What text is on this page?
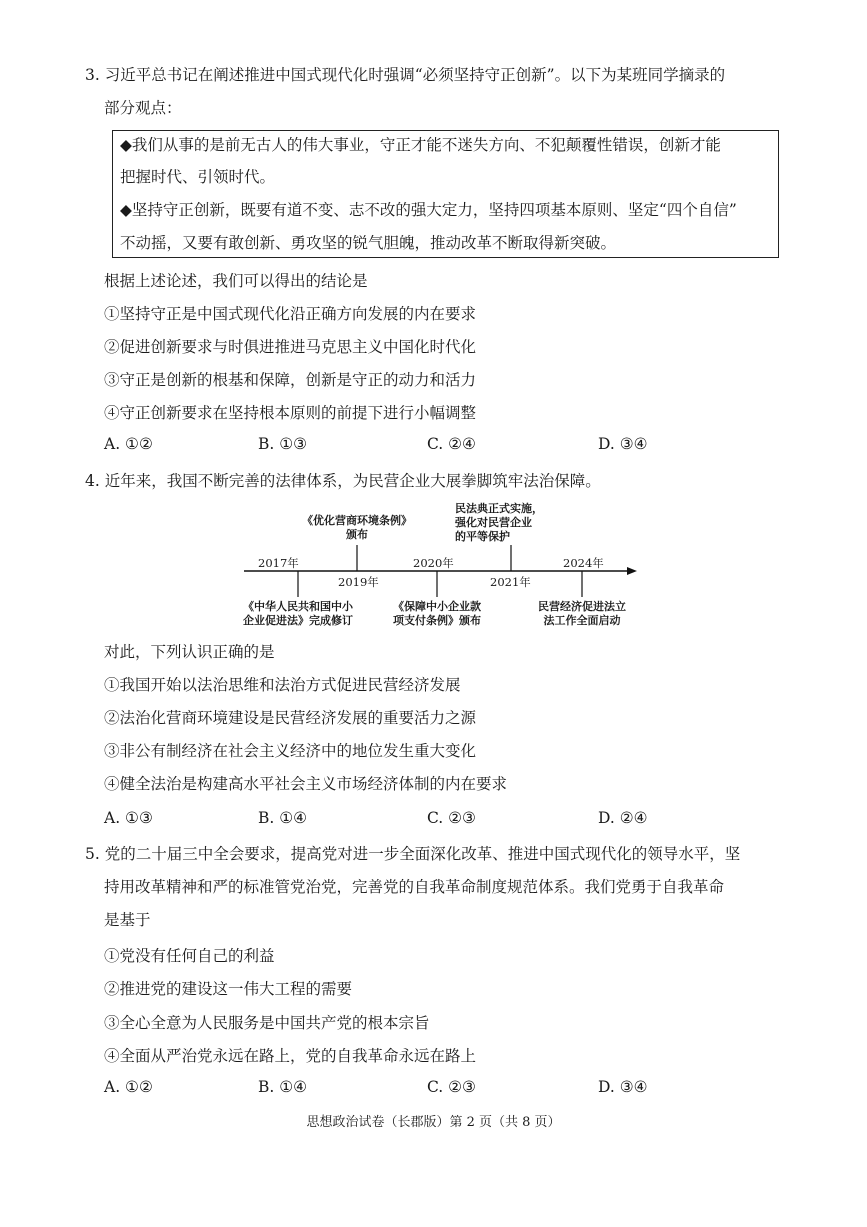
3. 习近平总书记在阐述推进中国式现代化时强调“必须坚持守正创新”。以下为某班同学摘录的
部分观点：
◆我们从事的是前无古人的伟大事业，守正才能不迷失方向、不犯颠覆性错误，创新才能
把握时代、引领时代。
◆坚持守正创新，既要有道不变、志不改的强大定力，坚持四项基本原则、坚定“四个自信”
不动摇，又要有敢创新、勇攻坚的锐气胆魄，推动改革不断取得新突破。
根据上述论述，我们可以得出的结论是
①坚持守正是中国式现代化沿正确方向发展的内在要求
②促进创新要求与时俱进推进马克思主义中国化时代化
③守正是创新的根基和保障，创新是守正的动力和活力
④守正创新要求在坚持根本原则的前提下进行小幅调整
A. ①②	B. ①③	C. ②④	D. ③④
4. 近年来，我国不断完善的法律体系，为民营企业大展拳脚筑牢法治保障。
2017年
2019年
2020年
2021年
2024年
《优化营商环境条例》
颁布
民法典正式实施，
强化对民营企业
的平等保护
《中华人民共和国中小
企业促进法》完成修订
《保障中小企业款
项支付条例》颁布
民营经济促进法立
法工作全面启动
对此，下列认识正确的是
①我国开始以法治思维和法治方式促进民营经济发展
②法治化营商环境建设是民营经济发展的重要活力之源
③非公有制经济在社会主义经济中的地位发生重大变化
④健全法治是构建高水平社会主义市场经济体制的内在要求
A. ①③	B. ①④	C. ②③	D. ②④
5. 党的二十届三中全会要求，提高党对进一步全面深化改革、推进中国式现代化的领导水平，坚
持用改革精神和严的标准管党治党，完善党的自我革命制度规范体系。我们党勇于自我革命
是基于
①党没有任何自己的利益
②推进党的建设这一伟大工程的需要
③全心全意为人民服务是中国共产党的根本宗旨
④全面从严治党永远在路上，党的自我革命永远在路上
A. ①②	B. ①④	C. ②③	D. ③④
思想政治试卷（长郡版）第 2 页（共 8 页）
